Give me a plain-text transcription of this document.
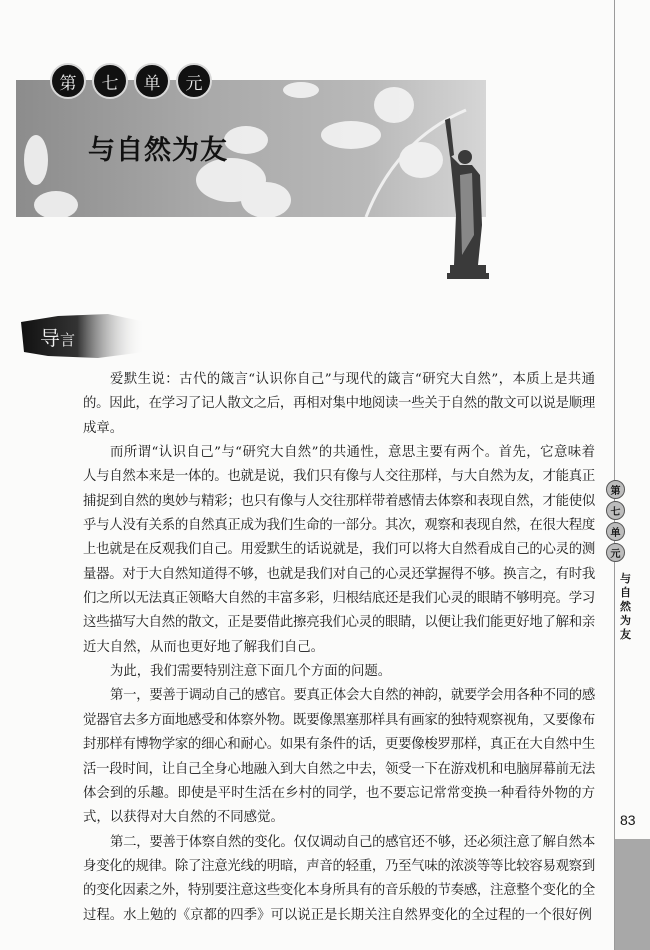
第	七	单	元
与自然为友
导言
爱默生说：古代的箴言“认识你自己”与现代的箴言“研究大自然”，本质上是共通
的。因此，在学习了记人散文之后，再相对集中地阅读一些关于自然的散文可以说是顺理
成章。
而所谓“认识自己”与“研究大自然”的共通性，意思主要有两个。首先，它意味着
人与自然本来是一体的。也就是说，我们只有像与人交往那样，与大自然为友，才能真正
捕捉到自然的奥妙与精彩；也只有像与人交往那样带着感情去体察和表现自然，才能使似
乎与人没有关系的自然真正成为我们生命的一部分。其次，观察和表现自然，在很大程度
上也就是在反观我们自己。用爱默生的话说就是，我们可以将大自然看成自己的心灵的测
量器。对于大自然知道得不够，也就是我们对自己的心灵还掌握得不够。换言之，有时我
们之所以无法真正领略大自然的丰富多彩，归根结底还是我们心灵的眼睛不够明亮。学习
这些描写大自然的散文，正是要借此擦亮我们心灵的眼睛，以便让我们能更好地了解和亲
近大自然，从而也更好地了解我们自己。
为此，我们需要特别注意下面几个方面的问题。
第一，要善于调动自己的感官。要真正体会大自然的神韵，就要学会用各种不同的感
觉器官去多方面地感受和体察外物。既要像黑塞那样具有画家的独特观察视角，又要像布
封那样有博物学家的细心和耐心。如果有条件的话，更要像梭罗那样，真正在大自然中生
活一段时间，让自己全身心地融入到大自然之中去，领受一下在游戏机和电脑屏幕前无法
体会到的乐趣。即使是平时生活在乡村的同学，也不要忘记常常变换一种看待外物的方
式，以获得对大自然的不同感觉。
第二，要善于体察自然的变化。仅仅调动自己的感官还不够，还必须注意了解自然本
身变化的规律。除了注意光线的明暗，声音的轻重，乃至气味的浓淡等等比较容易观察到
的变化因素之外，特别要注意这些变化本身所具有的音乐般的节奏感，注意整个变化的全
过程。水上勉的《京都的四季》可以说正是长期关注自然界变化的全过程的一个很好例
第
七
单
元
与
自
然
为
友
83
